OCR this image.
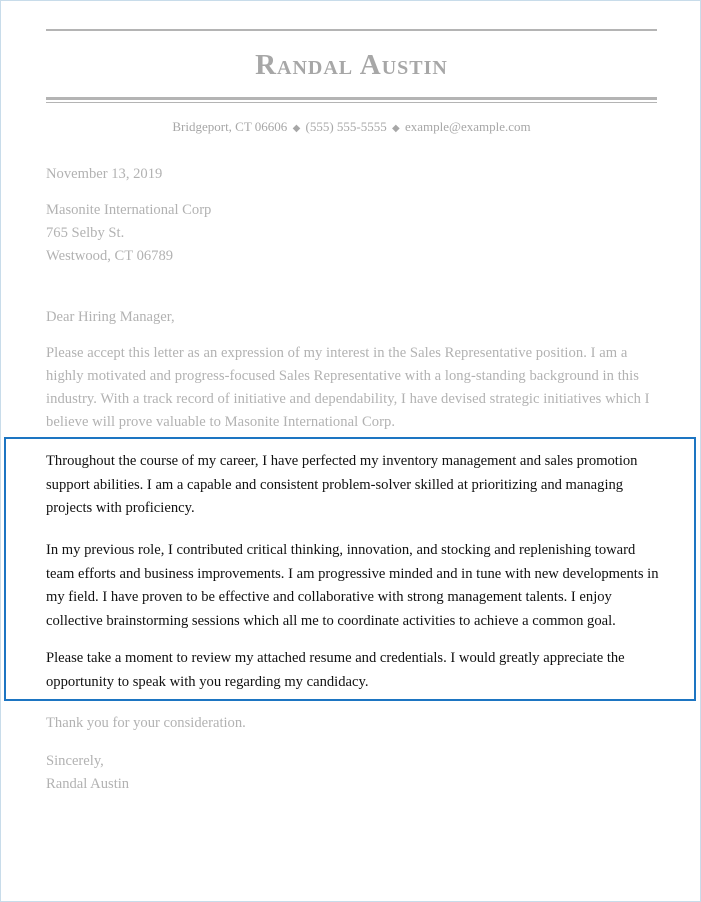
Randal Austin
Bridgeport, CT 06606 ◆ (555) 555-5555 ◆ example@example.com
November 13, 2019
Masonite International Corp
765 Selby St.
Westwood, CT 06789
Dear Hiring Manager,
Please accept this letter as an expression of my interest in the Sales Representative position. I am a highly motivated and progress-focused Sales Representative with a long-standing background in this industry. With a track record of initiative and dependability, I have devised strategic initiatives which I believe will prove valuable to Masonite International Corp.
Throughout the course of my career, I have perfected my inventory management and sales promotion support abilities. I am a capable and consistent problem-solver skilled at prioritizing and managing projects with proficiency.
In my previous role, I contributed critical thinking, innovation, and stocking and replenishing toward team efforts and business improvements. I am progressive minded and in tune with new developments in my field. I have proven to be effective and collaborative with strong management talents. I enjoy collective brainstorming sessions which all me to coordinate activities to achieve a common goal.
Please take a moment to review my attached resume and credentials. I would greatly appreciate the opportunity to speak with you regarding my candidacy.
Thank you for your consideration.
Sincerely,
Randal Austin
